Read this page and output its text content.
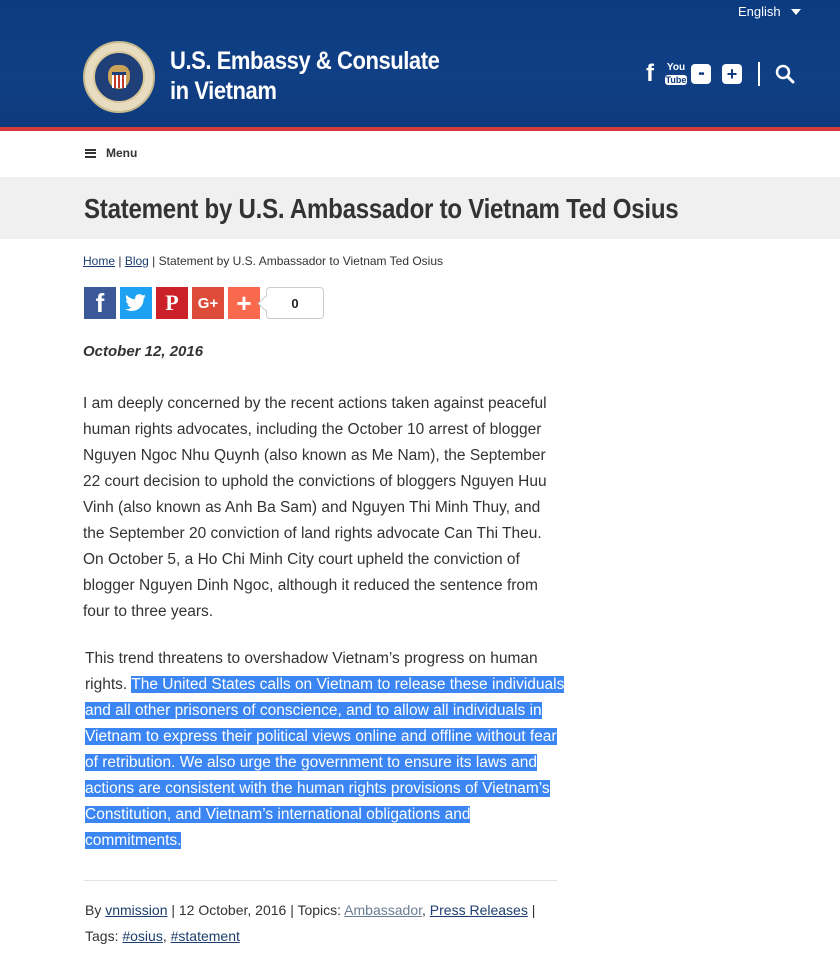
U.S. Embassy & Consulate
in Vietnam
English
f	You
Tube
••	+
Menu
Statement by U.S. Ambassador to Vietnam Ted Osius
Home | Blog | Statement by U.S. Ambassador to Vietnam Ted Osius
f	P	G+ +	0
October 12, 2016
I am deeply concerned by the recent actions taken against peaceful human rights advocates, including the October 10 arrest of blogger Nguyen Ngoc Nhu Quynh (also known as Me Nam), the September 22 court decision to uphold the convictions of bloggers Nguyen Huu Vinh (also known as Anh Ba Sam) and Nguyen Thi Minh Thuy, and the September 20 conviction of land rights advocate Can Thi Theu. On October 5, a Ho Chi Minh City court upheld the conviction of blogger Nguyen Dinh Ngoc, although it reduced the sentence from four to three years.
This trend threatens to overshadow Vietnam’s progress on human rights. The United States calls on Vietnam to release these individuals and all other prisoners of conscience, and to allow all individuals in Vietnam to express their political views online and offline without fear of retribution. We also urge the government to ensure its laws and actions are consistent with the human rights provisions of Vietnam’s Constitution, and Vietnam’s international obligations and commitments.
By vnmission | 12 October, 2016 | Topics: Ambassador, Press Releases |
Tags: #osius, #statement
